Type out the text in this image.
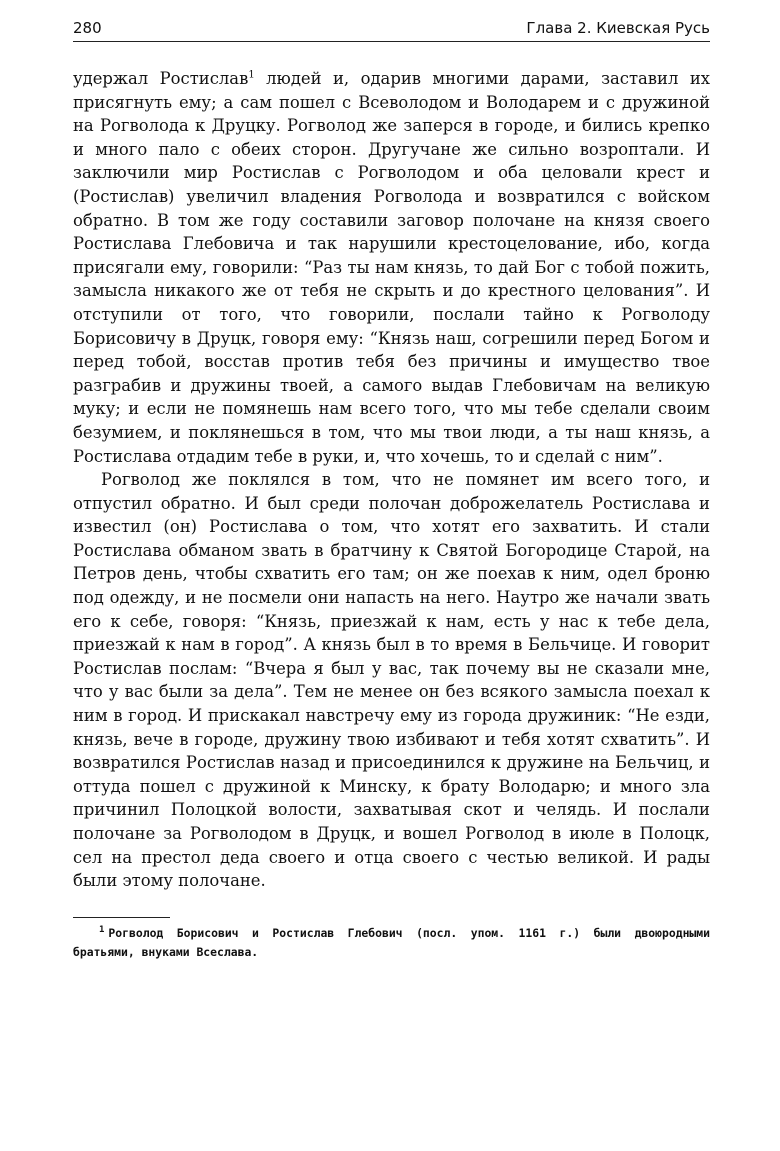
280	Глава 2. Киевская Русь

удержал Ростислав$^1$ людей и, одарив многими дарами, заставил их присягнуть ему; а сам пошел с Всеволодом и Володарем и с дружиной на Рогволода к Друцку. Рогволод же заперся в городе, и бились крепко и много пало с обеих сторон. Другучане же сильно возроптали. И заключили мир Ростислав с Рогволодом и оба целовали крест и (Ростислав) увеличил владения Рогволода и возвратился с войском обратно. В том же году составили заговор полочане на князя своего Ростислава Глебовича и так нарушили крестоцелование, ибо, когда присягали ему, говорили: “Раз ты нам князь, то дай Бог с тобой пожить, замысла никакого же от тебя не скрыть и до крестного целования”. И отступили от того, что говорили, послали тайно к Рогволоду Борисовичу в Друцк, говоря ему: “Князь наш, согрешили перед Богом и перед тобой, восстав против тебя без причины и имущество твое разграбив и дружины твоей, а самого выдав Глебовичам на великую муку; и если не помянешь нам всего того, что мы тебе сделали своим безумием, и поклянешься в том, что мы твои люди, а ты наш князь, а Ростислава отдадим тебе в руки, и, что хочешь, то и сделай с ним”.

Рогволод же поклялся в том, что не помянет им всего того, и отпустил обратно. И был среди полочан доброжелатель Ростислава и известил (он) Ростислава о том, что хотят его захватить. И стали Ростислава обманом звать в братчину к Святой Богородице Старой, на Петров день, чтобы схватить его там; он же поехав к ним, одел броню под одежду, и не посмели они напасть на него. Наутро же начали звать его к себе, говоря: “Князь, приезжай к нам, есть у нас к тебе дела, приезжай к нам в город”. А князь был в то время в Бельчице. И говорит Ростислав послам: “Вчера я был у вас, так почему вы не сказали мне, что у вас были за дела”. Тем не менее он без всякого замысла поехал к ним в город. И прискакал навстречу ему из города дружиник: “Не езди, князь, вече в городе, дружину твою избивают и тебя хотят схватить”. И возвратился Ростислав назад и присоединился к дружине на Бельчиц, и оттуда пошел с дружиной к Минску, к брату Володарю; и много зла причинил Полоцкой волости, захватывая скот и челядь. И послали полочане за Рогволодом в Друцк, и вошел Рогволод в июле в Полоцк, сел на престол деда своего и отца своего с честью великой. И рады были этому полочане.

$^1$ Рогволод Борисович и Ростислав Глебович (посл. упом. 1161 г.) были двоюродными братьями, внуками Всеслава.
